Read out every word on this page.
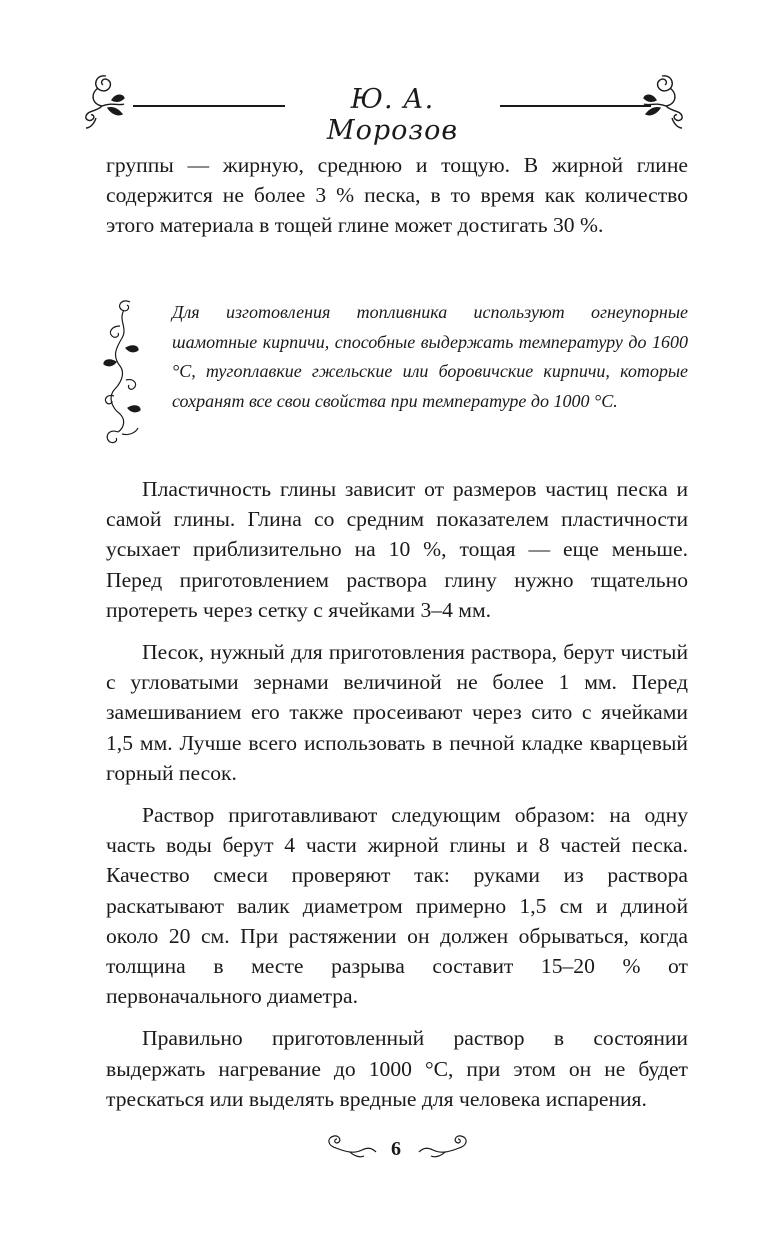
Ю. А. Морозов

группы — жирную, среднюю и тощую. В жирной глине содержится не более 3 % песка, в то время как количество этого материала в тощей глине может достигать 30 %.

Для изготовления топливника используют огнеупорные шамотные кирпичи, способные выдержать температуру до 1600 °С, тугоплавкие гжельские или боровичские кирпичи, которые сохранят все свои свойства при температуре до 1000 °С.

Пластичность глины зависит от размеров частиц песка и самой глины. Глина со средним показателем пластичности усыхает приблизительно на 10 %, тощая — еще меньше. Перед приготовлением раствора глину нужно тщательно протереть через сетку с ячейками 3–4 мм.

Песок, нужный для приготовления раствора, берут чистый с угловатыми зернами величиной не более 1 мм. Перед замешиванием его также просеивают через сито с ячейками 1,5 мм. Лучше всего использовать в печной кладке кварцевый горный песок.

Раствор приготавливают следующим образом: на одну часть воды берут 4 части жирной глины и 8 частей песка. Качество смеси проверяют так: руками из раствора раскатывают валик диаметром примерно 1,5 см и длиной около 20 см. При растяжении он должен обрываться, когда толщина в месте разрыва составит 15–20 % от первоначального диаметра.

Правильно приготовленный раствор в состоянии выдержать нагревание до 1000 °С, при этом он не будет трескаться или выделять вредные для человека испарения.

6
